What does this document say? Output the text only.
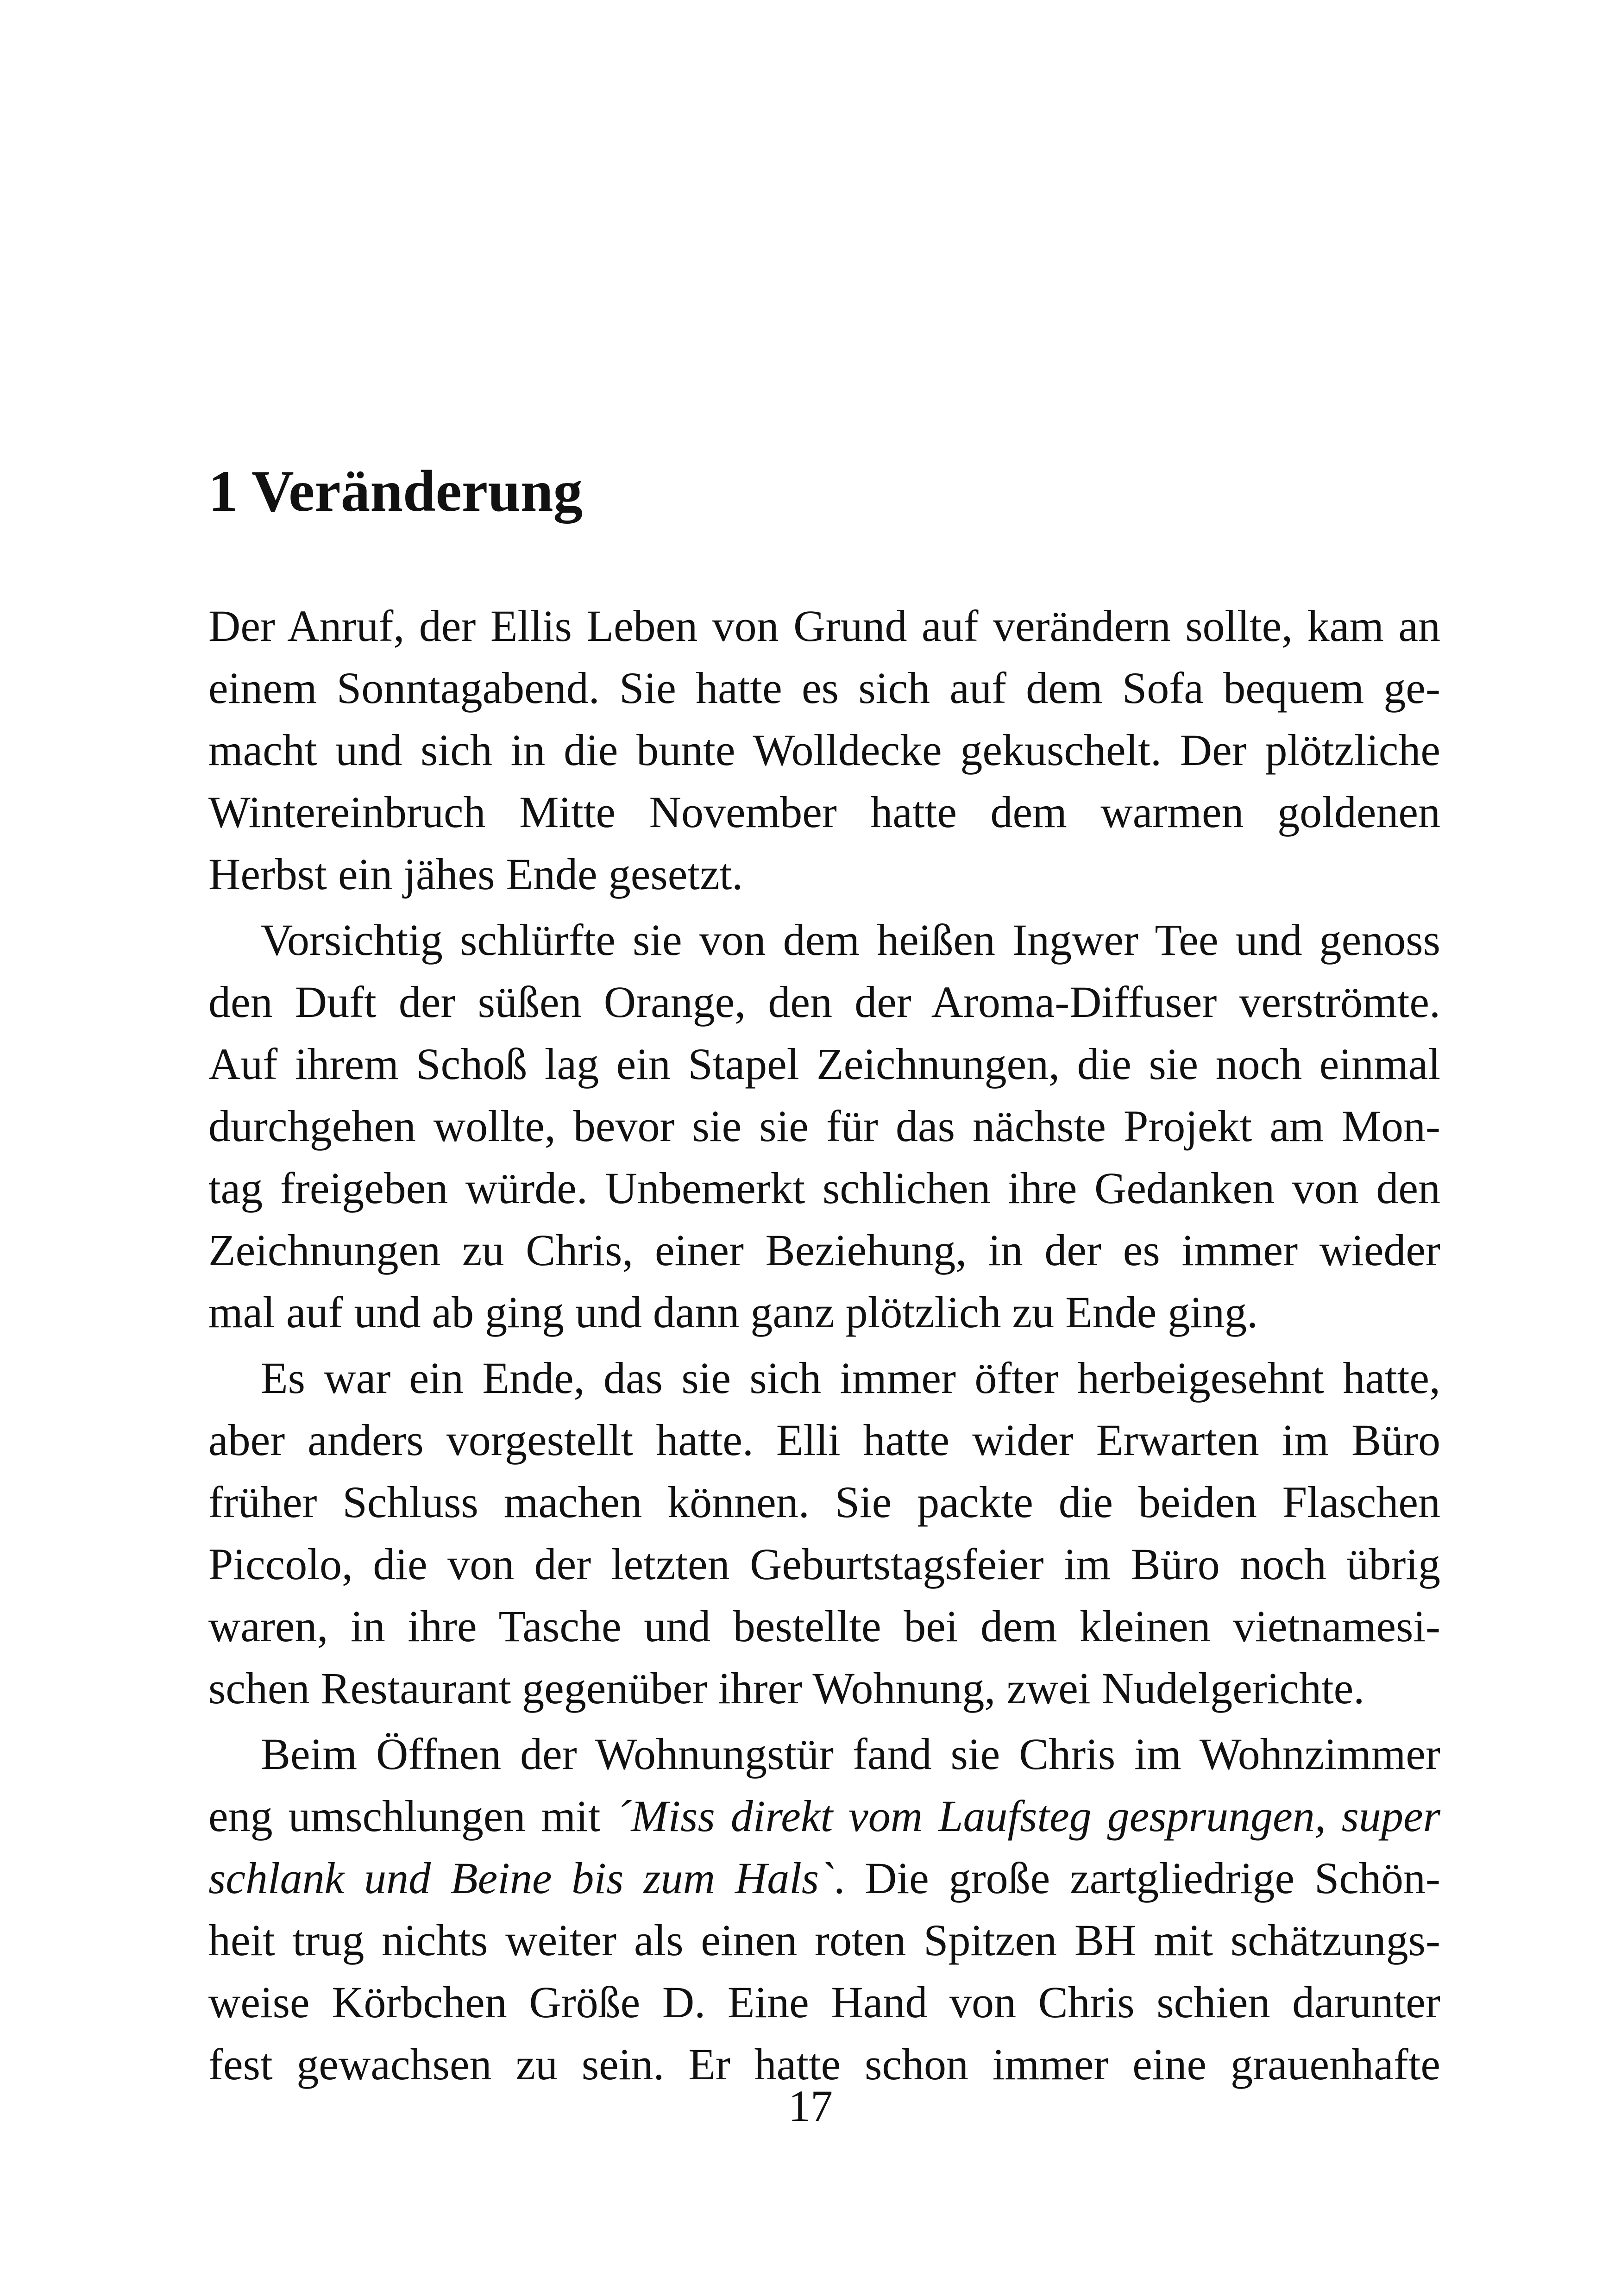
1 Veränderung
Der Anruf, der Ellis Leben von Grund auf verändern sollte, kam an
einem Sonntagabend. Sie hatte es sich auf dem Sofa bequem ge-
macht und sich in die bunte Wolldecke gekuschelt. Der plötzliche
Wintereinbruch Mitte November hatte dem warmen goldenen
Herbst ein jähes Ende gesetzt.
Vorsichtig schlürfte sie von dem heißen Ingwer Tee und genoss
den Duft der süßen Orange, den der Aroma-Diffuser verströmte.
Auf ihrem Schoß lag ein Stapel Zeichnungen, die sie noch einmal
durchgehen wollte, bevor sie sie für das nächste Projekt am Mon-
tag freigeben würde. Unbemerkt schlichen ihre Gedanken von den
Zeichnungen zu Chris, einer Beziehung, in der es immer wieder
mal auf und ab ging und dann ganz plötzlich zu Ende ging.
Es war ein Ende, das sie sich immer öfter herbeigesehnt hatte,
aber anders vorgestellt hatte. Elli hatte wider Erwarten im Büro
früher Schluss machen können. Sie packte die beiden Flaschen
Piccolo, die von der letzten Geburtstagsfeier im Büro noch übrig
waren, in ihre Tasche und bestellte bei dem kleinen vietnamesi-
schen Restaurant gegenüber ihrer Wohnung, zwei Nudelgerichte.
Beim Öffnen der Wohnungstür fand sie Chris im Wohnzimmer
eng umschlungen mit ´Miss direkt vom Laufsteg gesprungen, super
schlank und Beine bis zum Hals`. Die große zartgliedrige Schön-
heit trug nichts weiter als einen roten Spitzen BH mit schätzungs-
weise Körbchen Größe D. Eine Hand von Chris schien darunter
fest gewachsen zu sein. Er hatte schon immer eine grauenhafte
17
